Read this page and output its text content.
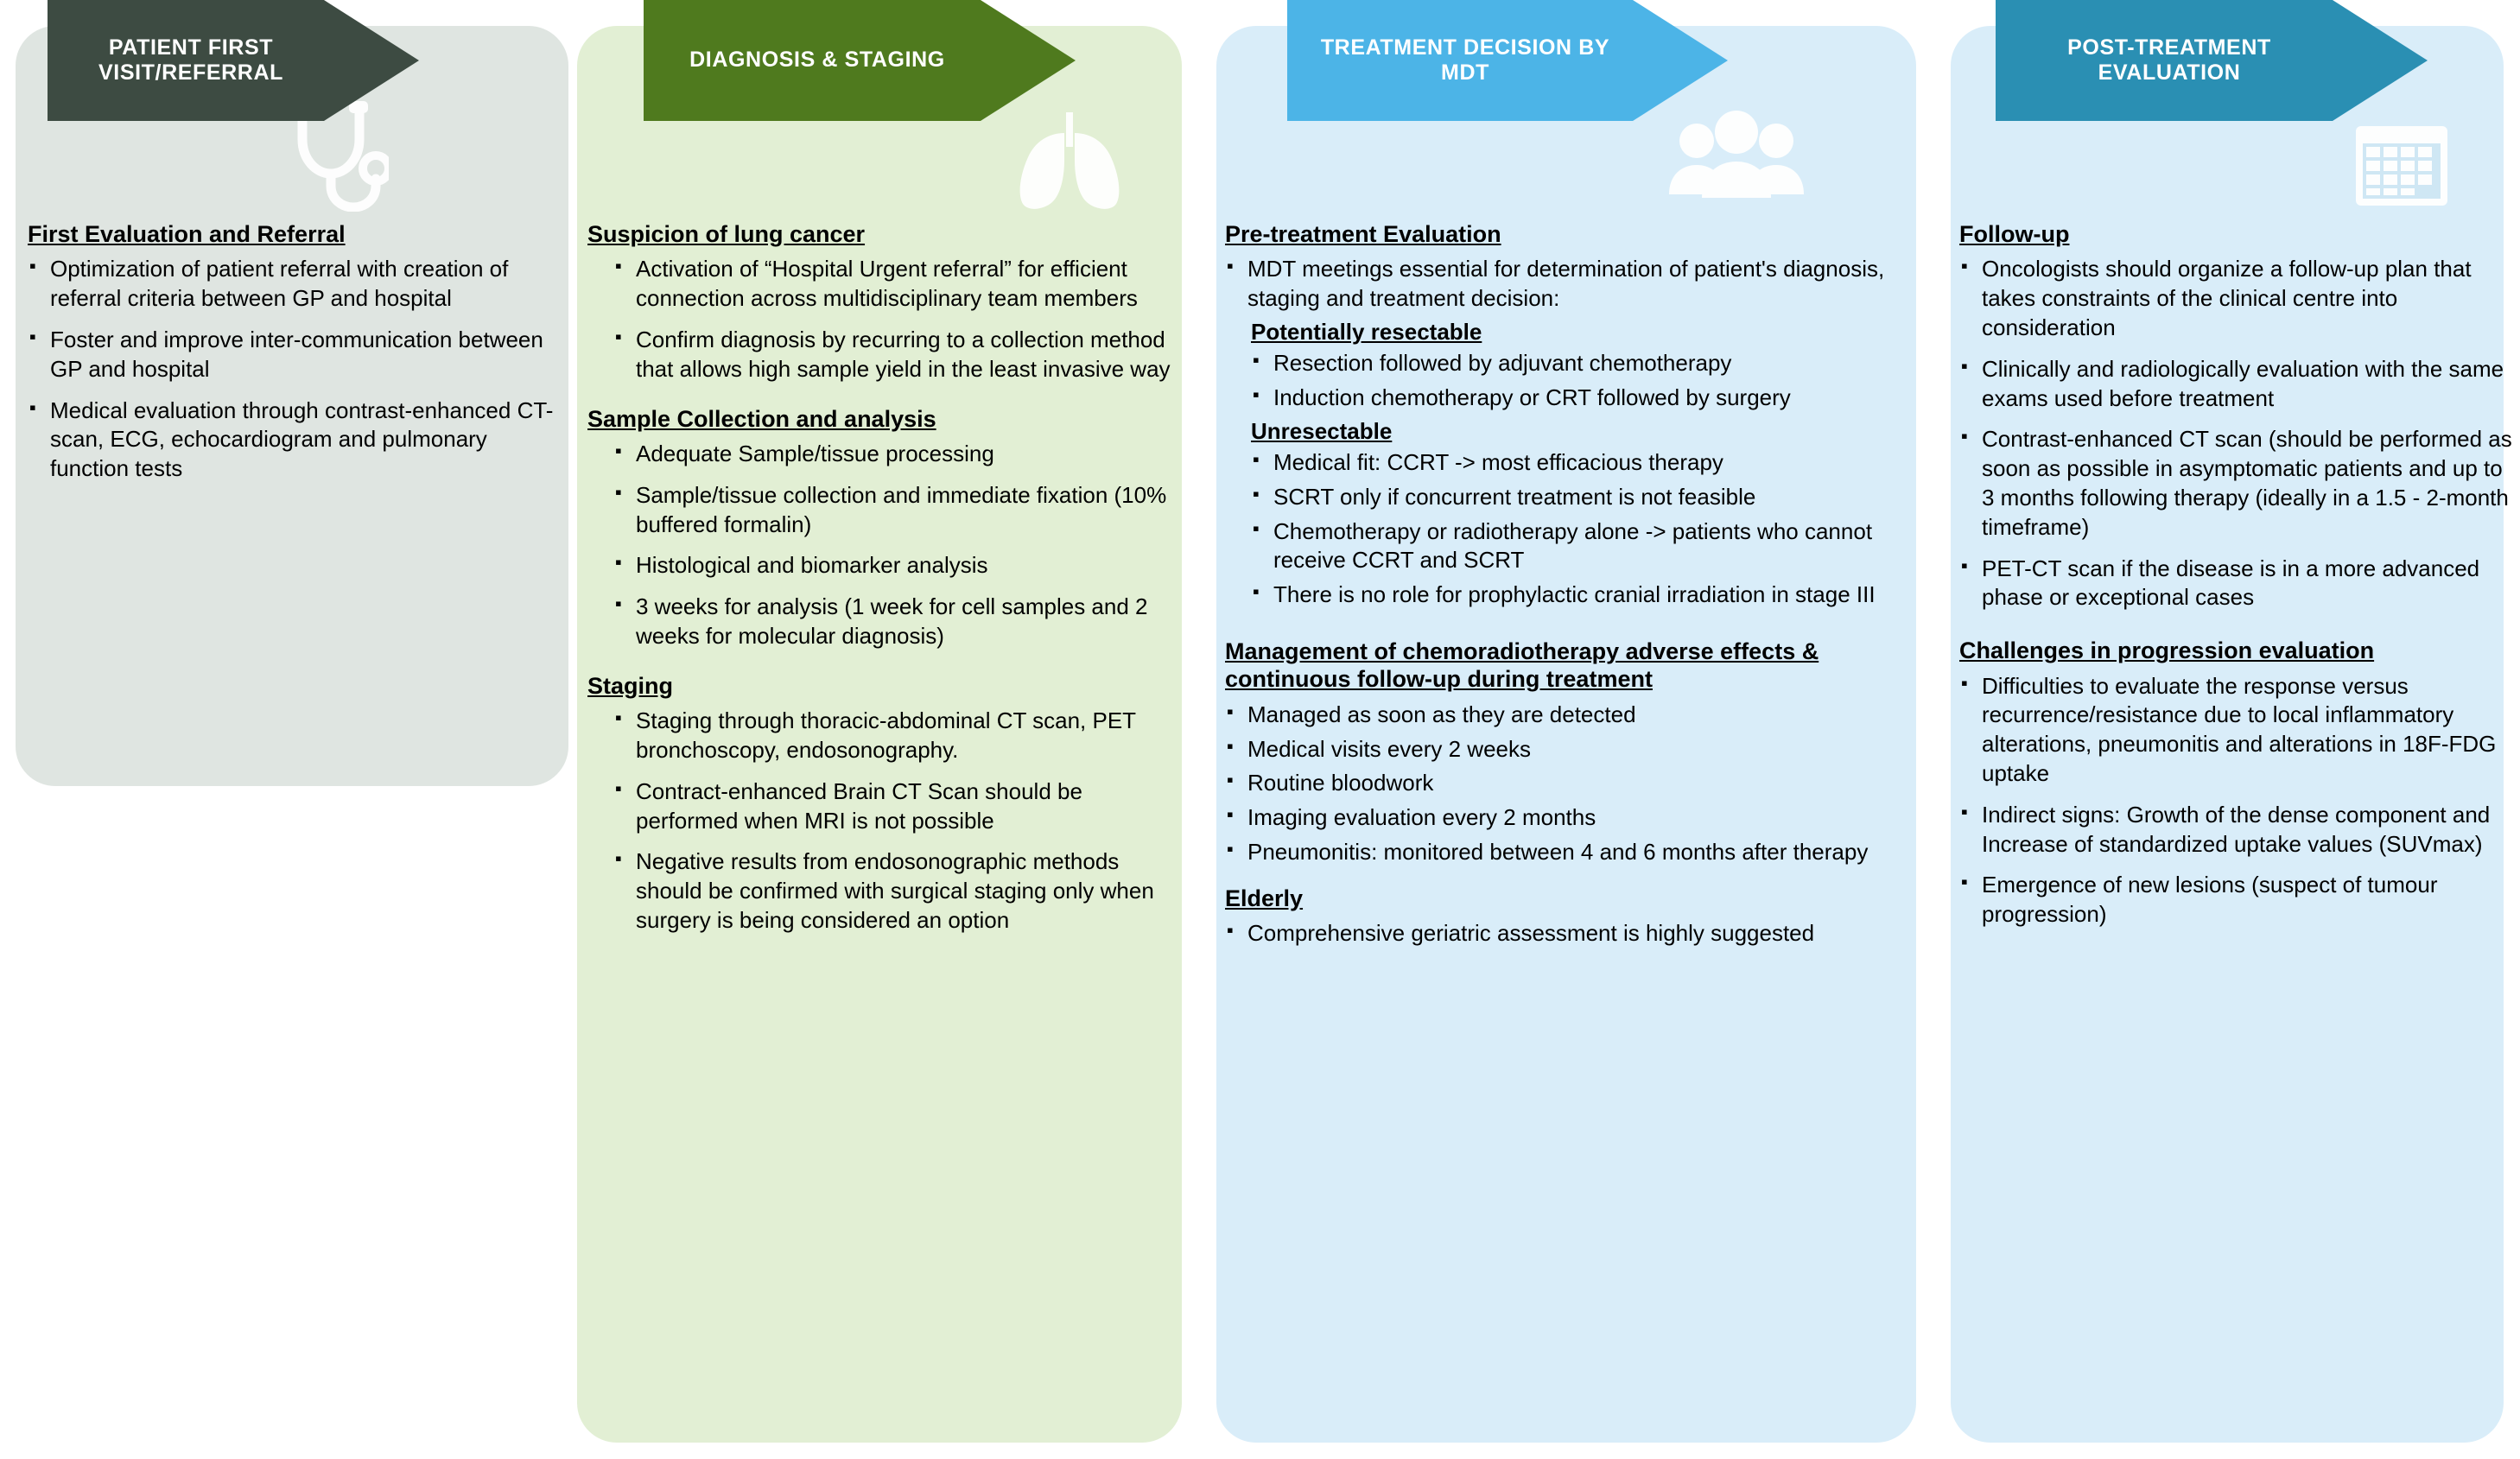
PATIENT FIRST VISIT/REFERRAL
First Evaluation and Referral
▪ Optimization of patient referral with creation of referral criteria between GP and hospital
▪ Foster and improve inter-communication between GP and hospital
▪ Medical evaluation through contrast-enhanced CT-scan, ECG, echocardiogram and pulmonary function tests
DIAGNOSIS & STAGING
Suspicion of lung cancer
▪ Activation of “Hospital Urgent referral” for efficient connection across multidisciplinary team members
▪ Confirm diagnosis by recurring to a collection method that allows high sample yield in the least invasive way
Sample Collection and analysis
▪ Adequate Sample/tissue processing
▪ Sample/tissue collection and immediate fixation (10% buffered formalin)
▪ Histological and biomarker analysis
▪ 3 weeks for analysis (1 week for cell samples and 2 weeks for molecular diagnosis)
Staging
▪ Staging through thoracic-abdominal CT scan, PET bronchoscopy, endosonography.
▪ Contract-enhanced Brain CT Scan should be performed when MRI is not possible
▪ Negative results from endosonographic methods should be confirmed with surgical staging only when surgery is being considered an option
TREATMENT DECISION BY MDT
Pre-treatment Evaluation
▪ MDT meetings essential for determination of patient's diagnosis, staging and treatment decision:
Potentially resectable
▪ Resection followed by adjuvant chemotherapy
▪ Induction chemotherapy or CRT followed by surgery
Unresectable
▪ Medical fit: CCRT -> most efficacious therapy
▪ SCRT only if concurrent treatment is not feasible
▪ Chemotherapy or radiotherapy alone -> patients who cannot receive CCRT and SCRT
▪ There is no role for prophylactic cranial irradiation in stage III
Management of chemoradiotherapy adverse effects & continuous follow-up during treatment
▪ Managed as soon as they are detected
▪ Medical visits every 2 weeks
▪ Routine bloodwork
▪ Imaging evaluation every 2 months
▪ Pneumonitis: monitored between 4 and 6 months after therapy
Elderly
▪ Comprehensive geriatric assessment is highly suggested
POST-TREATMENT EVALUATION
Follow-up
▪ Oncologists should organize a follow-up plan that takes constraints of the clinical centre into consideration
▪ Clinically and radiologically evaluation with the same exams used before treatment
▪ Contrast-enhanced CT scan (should be performed as soon as possible in asymptomatic patients and up to 3 months following therapy (ideally in a 1.5 - 2-month timeframe)
▪ PET-CT scan if the disease is in a more advanced phase or exceptional cases
Challenges in progression evaluation
▪ Difficulties to evaluate the response versus recurrence/resistance due to local inflammatory alterations, pneumonitis and alterations in 18F-FDG uptake
▪ Indirect signs: Growth of the dense component and Increase of standardized uptake values (SUVmax)
▪ Emergence of new lesions (suspect of tumour progression)
